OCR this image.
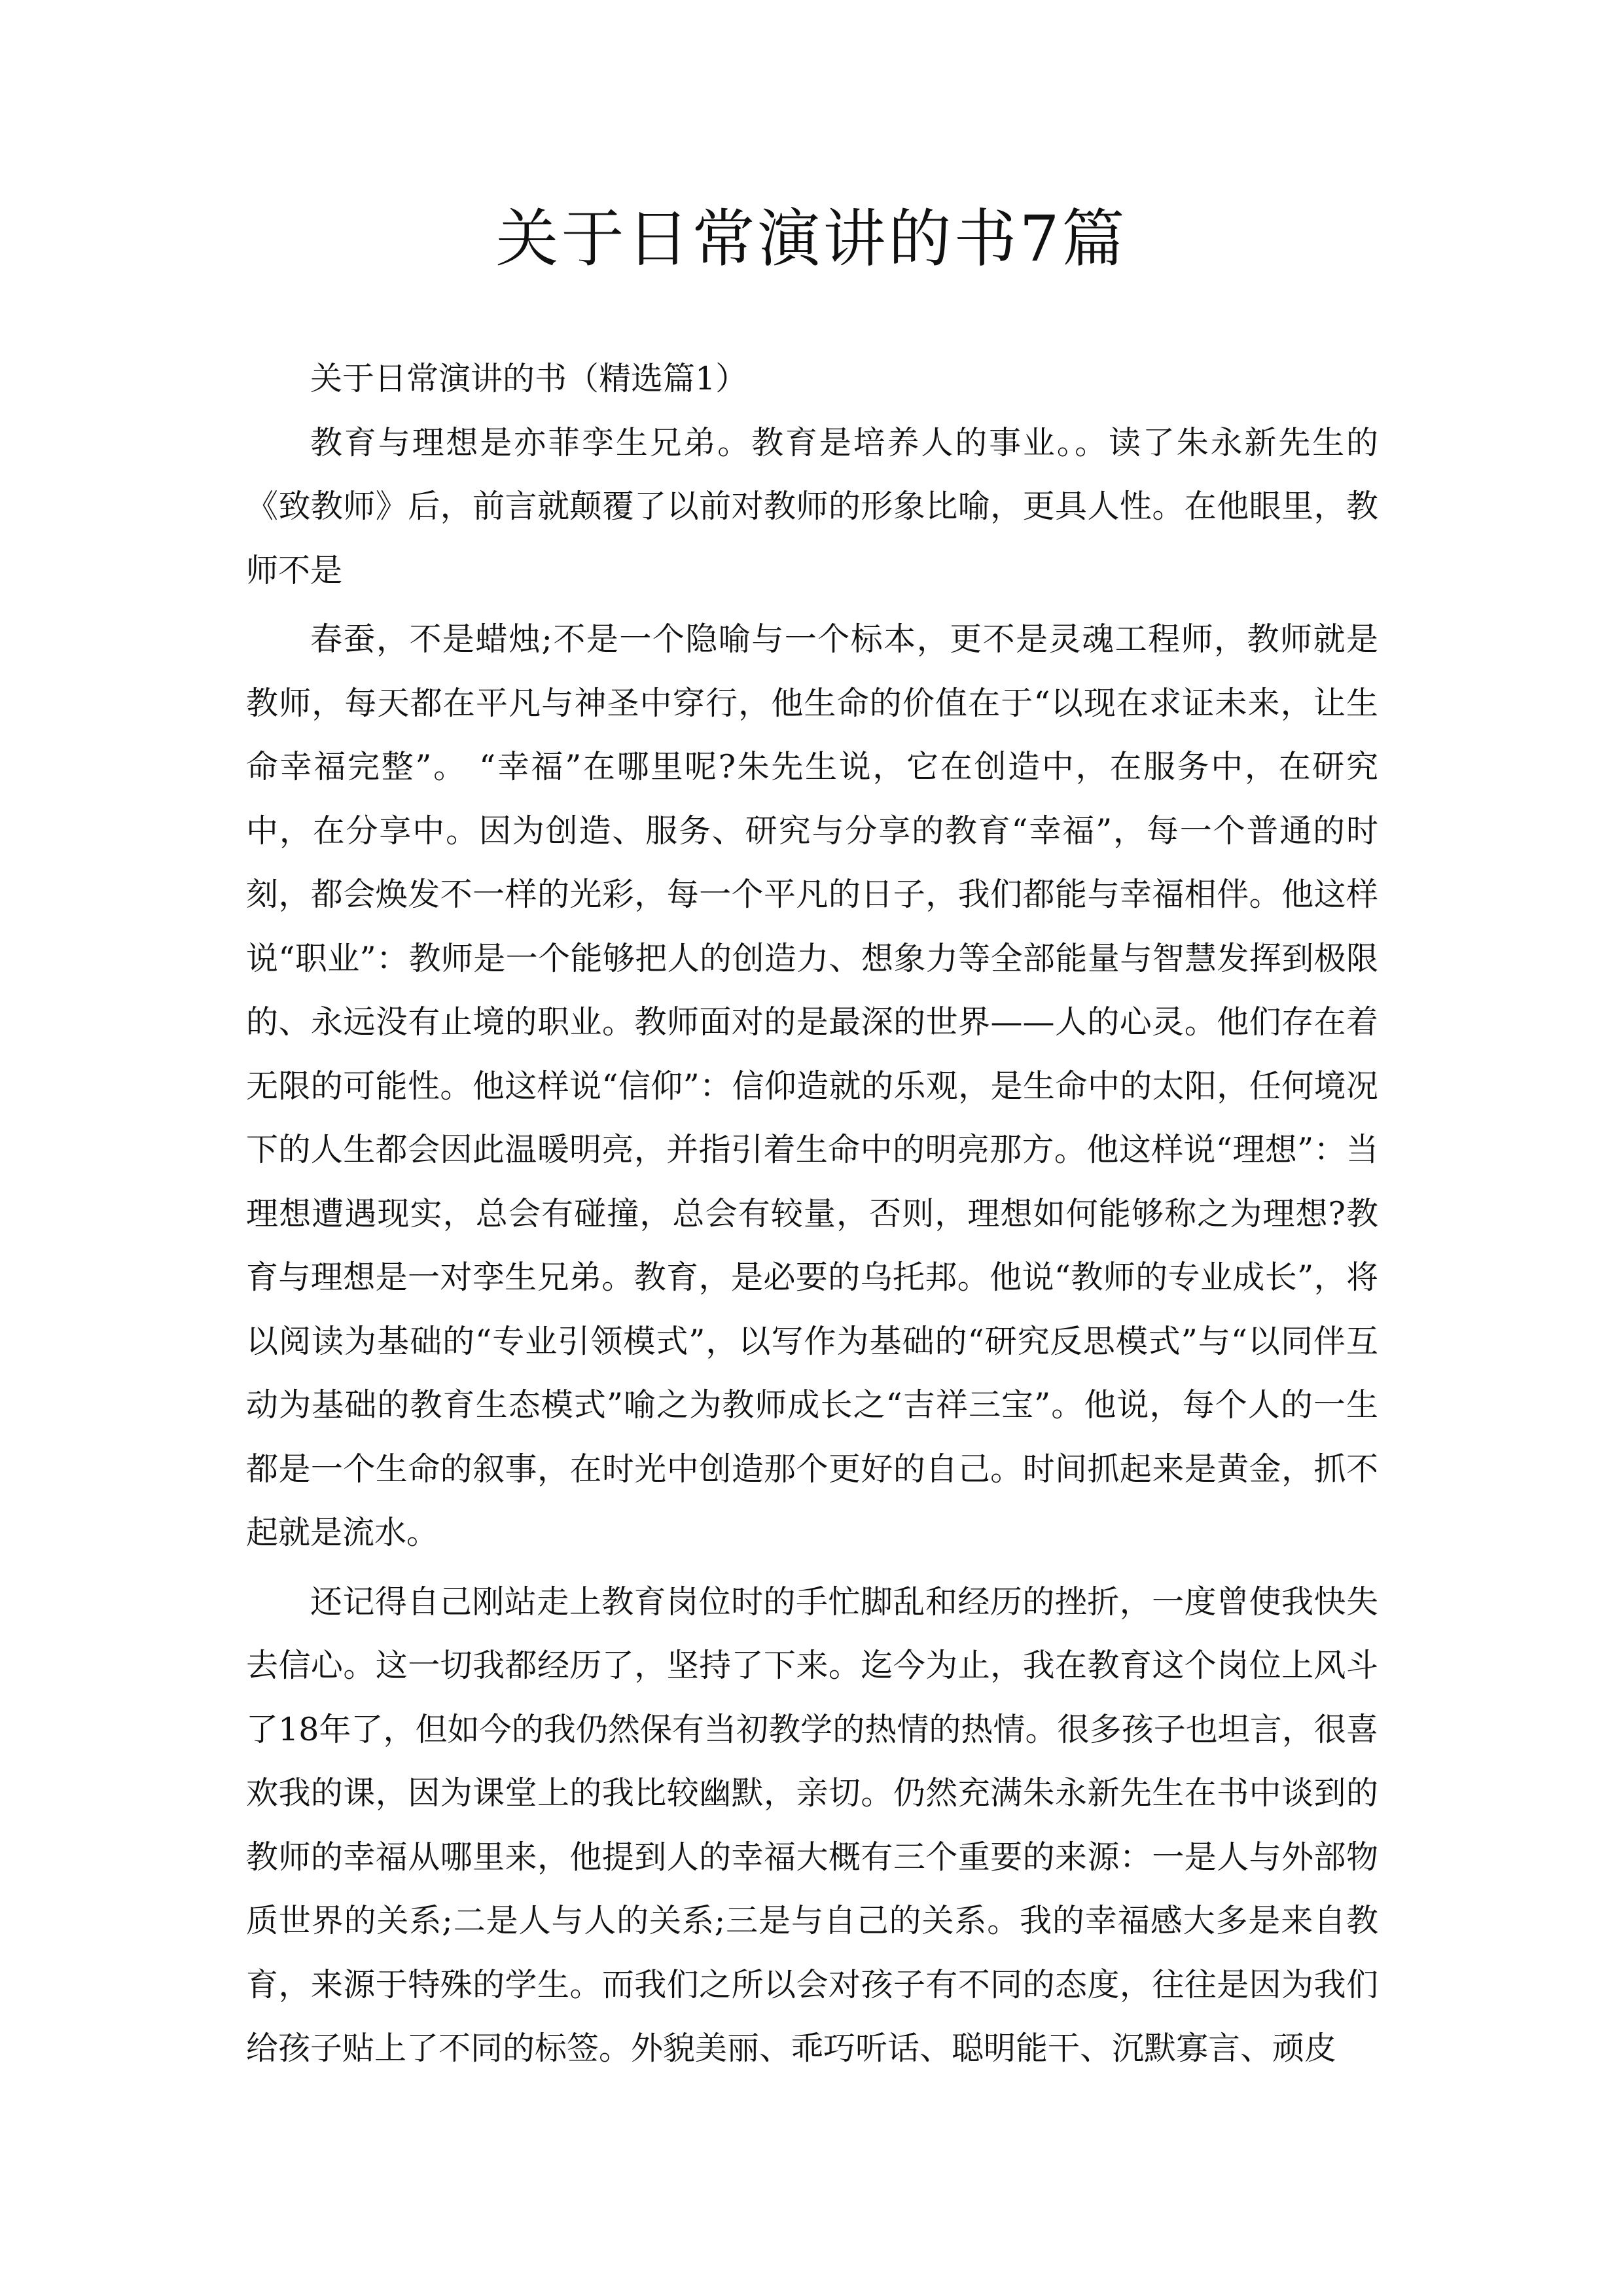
关于日常演讲的书7篇

关于日常演讲的书（精选篇1）

教育与理想是亦菲孪生兄弟。教育是培养人的事业。。读了朱永新先生的《致教师》后，前言就颠覆了以前对教师的形象比喻，更具人性。在他眼里，教师不是

春蚕，不是蜡烛;不是一个隐喻与一个标本，更不是灵魂工程师，教师就是教师，每天都在平凡与神圣中穿行，他生命的价值在于“以现在求证未来，让生命幸福完整”。 “幸福”在哪里呢?朱先生说，它在创造中，在服务中，在研究中，在分享中。因为创造、服务、研究与分享的教育“幸福”，每一个普通的时刻，都会焕发不一样的光彩，每一个平凡的日子，我们都能与幸福相伴。他这样说“职业”：教师是一个能够把人的创造力、想象力等全部能量与智慧发挥到极限的、永远没有止境的职业。教师面对的是最深的世界——人的心灵。他们存在着无限的可能性。他这样说“信仰”：信仰造就的乐观，是生命中的太阳，任何境况下的人生都会因此温暖明亮，并指引着生命中的明亮那方。他这样说“理想”：当理想遭遇现实，总会有碰撞，总会有较量，否则，理想如何能够称之为理想?教育与理想是一对孪生兄弟。教育，是必要的乌托邦。他说“教师的专业成长”，将以阅读为基础的“专业引领模式”，以写作为基础的“研究反思模式”与“以同伴互动为基础的教育生态模式”喻之为教师成长之“吉祥三宝”。他说，每个人的一生都是一个生命的叙事，在时光中创造那个更好的自己。时间抓起来是黄金，抓不起就是流水。

还记得自己刚站走上教育岗位时的手忙脚乱和经历的挫折，一度曾使我快失去信心。这一切我都经历了，坚持了下来。迄今为止，我在教育这个岗位上风斗了18年了，但如今的我仍然保有当初教学的热情的热情。很多孩子也坦言，很喜欢我的课，因为课堂上的我比较幽默，亲切。仍然充满朱永新先生在书中谈到的教师的幸福从哪里来，他提到人的幸福大概有三个重要的来源：一是人与外部物质世界的关系;二是人与人的关系;三是与自己的关系。我的幸福感大多是来自教育，来源于特殊的学生。而我们之所以会对孩子有不同的态度，往往是因为我们给孩子贴上了不同的标签。外貌美丽、乖巧听话、聪明能干、沉默寡言、顽皮
